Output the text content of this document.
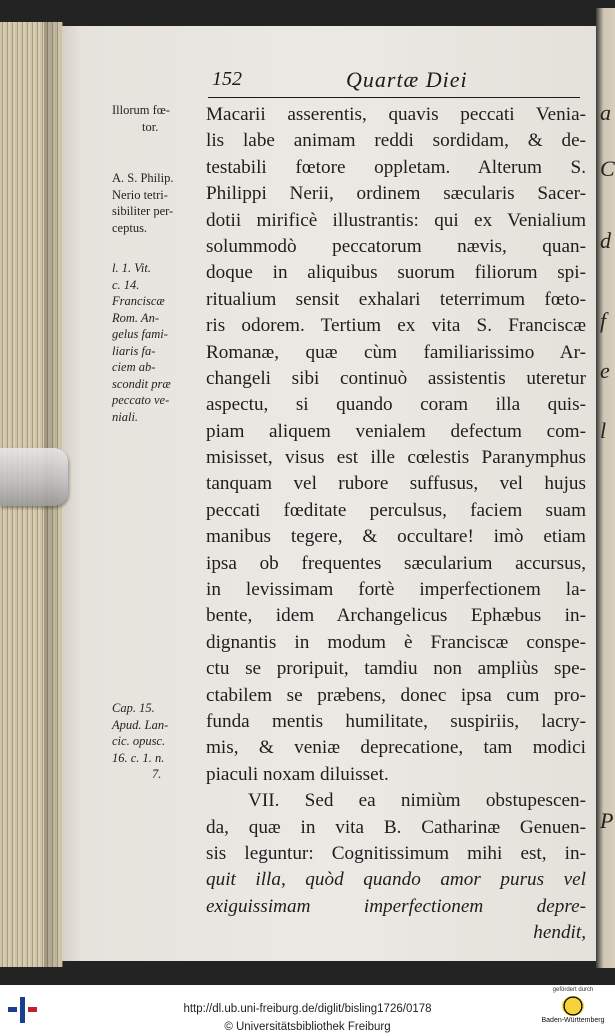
a
C
d
f
e
l
P
152	Quartæ Diei
Illorum fœ-
tor.
A. S. Philip.
Nerio tetri-
sibiliter per-
ceptus.
l. 1. Vit.
c. 14.
Franciscæ
Rom. An-
gelus fami-
liaris fa-
ciem ab-
scondit præ
peccato ve-
niali.
Cap. 15.
Apud. Lan-
cic. opusc.
16. c. 1. n.
7.
Macarii asserentis, quavis peccati Venia-
lis labe animam reddi sordidam, & de-
testabili fœtore oppletam. Alterum S.
Philippi Nerii, ordinem sæcularis Sacer-
dotii mirificè illustrantis: qui ex Venialium
solummodò peccatorum nævis, quan-
doque in aliquibus suorum filiorum spi-
ritualium sensit exhalari teterrimum fœto-
ris odorem. Tertium ex vita S. Franciscæ
Romanæ, quæ cùm familiarissimo Ar-
changeli sibi continuò assistentis uteretur
aspectu, si quando coram illa quis-
piam aliquem venialem defectum com-
misisset, visus est ille cœlestis Paranymphus
tanquam vel rubore suffusus, vel hujus
peccati fœditate perculsus, faciem suam
manibus tegere, & occultare! imò etiam
ipsa ob frequentes sæcularium accursus,
in levissimam fortè imperfectionem la-
bente, idem Archangelicus Ephæbus in-
dignantis in modum è Franciscæ conspe-
ctu se proripuit, tamdiu non ampliùs spe-
ctabilem se præbens, donec ipsa cum pro-
funda mentis humilitate, suspiriis, lacry-
mis, & veniæ deprecatione, tam modici
piaculi noxam diluisset.
VII. Sed ea nimiùm obstupescen-
da, quæ in vita B. Catharinæ Genuen-
sis leguntur: Cognitissimum mihi est, in-
quit illa, quòd quando amor purus vel
exiguissimam imperfectionem depre-
hendit,
http://dl.ub.uni-freiburg.de/diglit/bisling1726/0178
© Universitätsbibliothek Freiburg
gefördert durch
Baden-Württemberg
